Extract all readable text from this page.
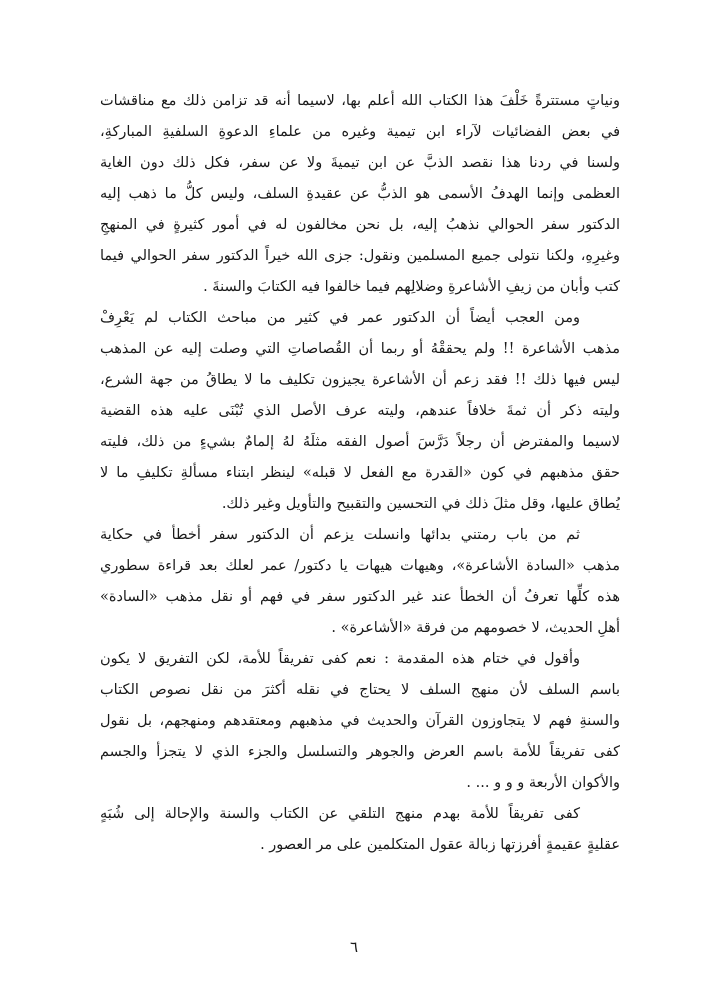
ونياتٍ مستترةً خَلْفَ هذا الكتاب الله أعلم بها، لاسيما أنه قد تزامن ذلك مع مناقشات
في بعض الفضائيات لآراء ابن تيمية وغيره من علماءِ الدعوةِ السلفيةِ المباركةِ،
ولسنا في ردنا هذا نقصد الذبَّ عن ابن تيميةَ ولا عن سفر، فكل ذلك دون الغاية
العظمى وإنما الهدفُ الأسمى هو الذبُّ عن عقيدةِ السلف، وليس كلُّ ما ذهب إليه
الدكتور سفر الحوالي نذهبُ إليه، بل نحن مخالفون له في أمور كثيرةٍ في المنهجِ
وغيرِهِ، ولكنا نتولى جميع المسلمين ونقول: جزى الله خيراً الدكتور سفر الحوالي فيما
كتب وأبان من زيفِ الأشاعرةِ وضلالِهم فيما خالفوا فيه الكتابَ والسنةَ .
ومن العجب أيضاً أن الدكتور عمر في كثير من مباحث الكتاب لم يَعْرِفْ
مذهب الأشاعرة !! ولم يحققْهُ أو ربما أن القُصاصاتِ التي وصلت إليه عن المذهب
ليس فيها ذلك !! فقد زعم أن الأشاعرة يجيزون تكليف ما لا يطاقُ من جهة الشرع،
وليته ذكر أن ثمةَ خلافاً عندهم، وليته عرف الأصل الذي تُبْنَى عليه هذه القضية
لاسيما والمفترض أن رجلاً دَرَّسَ أصول الفقه مثلَهُ لهُ إلمامٌ بشيءٍ من ذلك، فليته
حقق مذهبهم في كون «القدرة مع الفعل لا قبله» لينظر ابتناء مسألةِ تكليفِ ما لا
يُطاق عليها، وقل مثلَ ذلك في التحسين والتقبيح والتأويل وغير ذلك.
ثم من باب رمتني بدائها وانسلت يزعم أن الدكتور سفر أخطأ في حكاية
مذهب «السادة الأشاعرة»، وهيهات هيهات يا دكتور/ عمر لعلك بعد قراءة سطوري
هذه كلِّها تعرفُ أن الخطأ عند غير الدكتور سفر في فهم أو نقل مذهب «السادة»
أهلِ الحديث، لا خصومهم من فرقة «الأشاعرة» .
وأقول في ختام هذه المقدمة : نعم كفى تفريقاً للأمة، لكن التفريق لا يكون
باسم السلف لأن منهج السلف لا يحتاج في نقله أكثرَ من نقل نصوص الكتاب
والسنةِ فهم لا يتجاوزون القرآن والحديث في مذهبهم ومعتقدهم ومنهجهم، بل نقول
كفى تفريقاً للأمة باسم العرض والجوهر والتسلسل والجزء الذي لا يتجزأ والجسم
والأكوان الأربعة و و و ... .
كفى تفريقاً للأمة بهدم منهج التلقي عن الكتاب والسنة والإحالة إلى شُبَهٍ
عقليةٍ عقيمةٍ أفرزتها زبالة عقول المتكلمين على مر العصور .
٦
